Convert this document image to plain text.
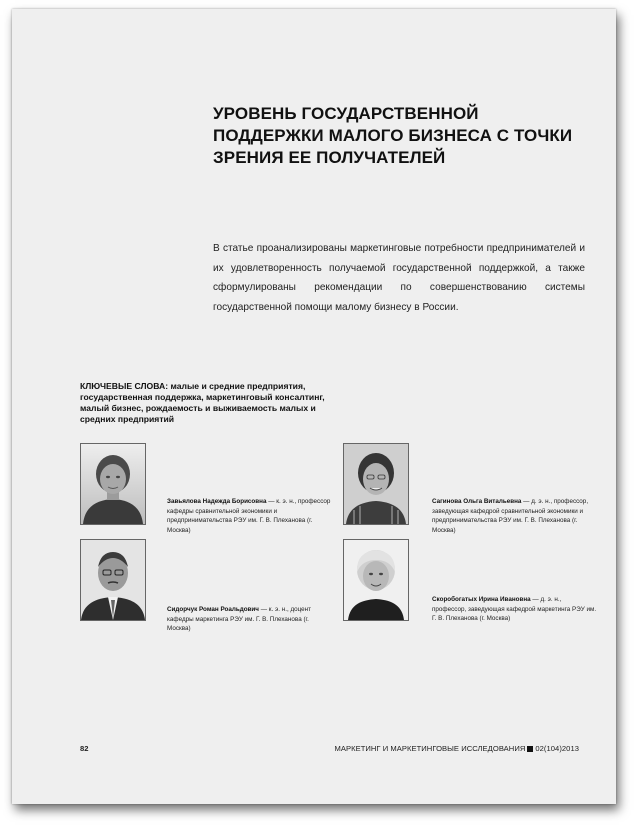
УРОВЕНЬ ГОСУДАРСТВЕННОЙ
ПОДДЕРЖКИ МАЛОГО БИЗНЕСА С ТОЧКИ
ЗРЕНИЯ ЕЕ ПОЛУЧАТЕЛЕЙ

В статье проанализированы маркетинговые потребности предпринимателей и их удовлетворенность получаемой государственной поддержкой, а также сформулированы рекомендации по совершенствованию системы государственной помощи малому бизнесу в России.

КЛЮЧЕВЫЕ СЛОВА: малые и средние предприятия, государственная поддержка, маркетинговый консалтинг, малый бизнес, рождаемость и выживаемость малых и средних предприятий

Завьялова Надежда Борисовна — к. э. н., профессор кафедры сравнительной экономики и предпринимательства РЭУ им. Г. В. Плеханова (г. Москва)

Сидорчук Роман Роальдович — к. э. н., доцент кафедры маркетинга РЭУ им. Г. В. Плеханова (г. Москва)

Сагинова Ольга Витальевна — д. э. н., профессор, заведующая кафедрой сравнительной экономики и предпринимательства РЭУ им. Г. В. Плеханова (г. Москва)

Скоробогатых Ирина Ивановна — д. э. н., профессор, заведующая кафедрой маркетинга РЭУ им. Г. В. Плеханова (г. Москва)

82	МАРКЕТИНГ И МАРКЕТИНГОВЫЕ ИССЛЕДОВАНИЯ 02(104)2013
